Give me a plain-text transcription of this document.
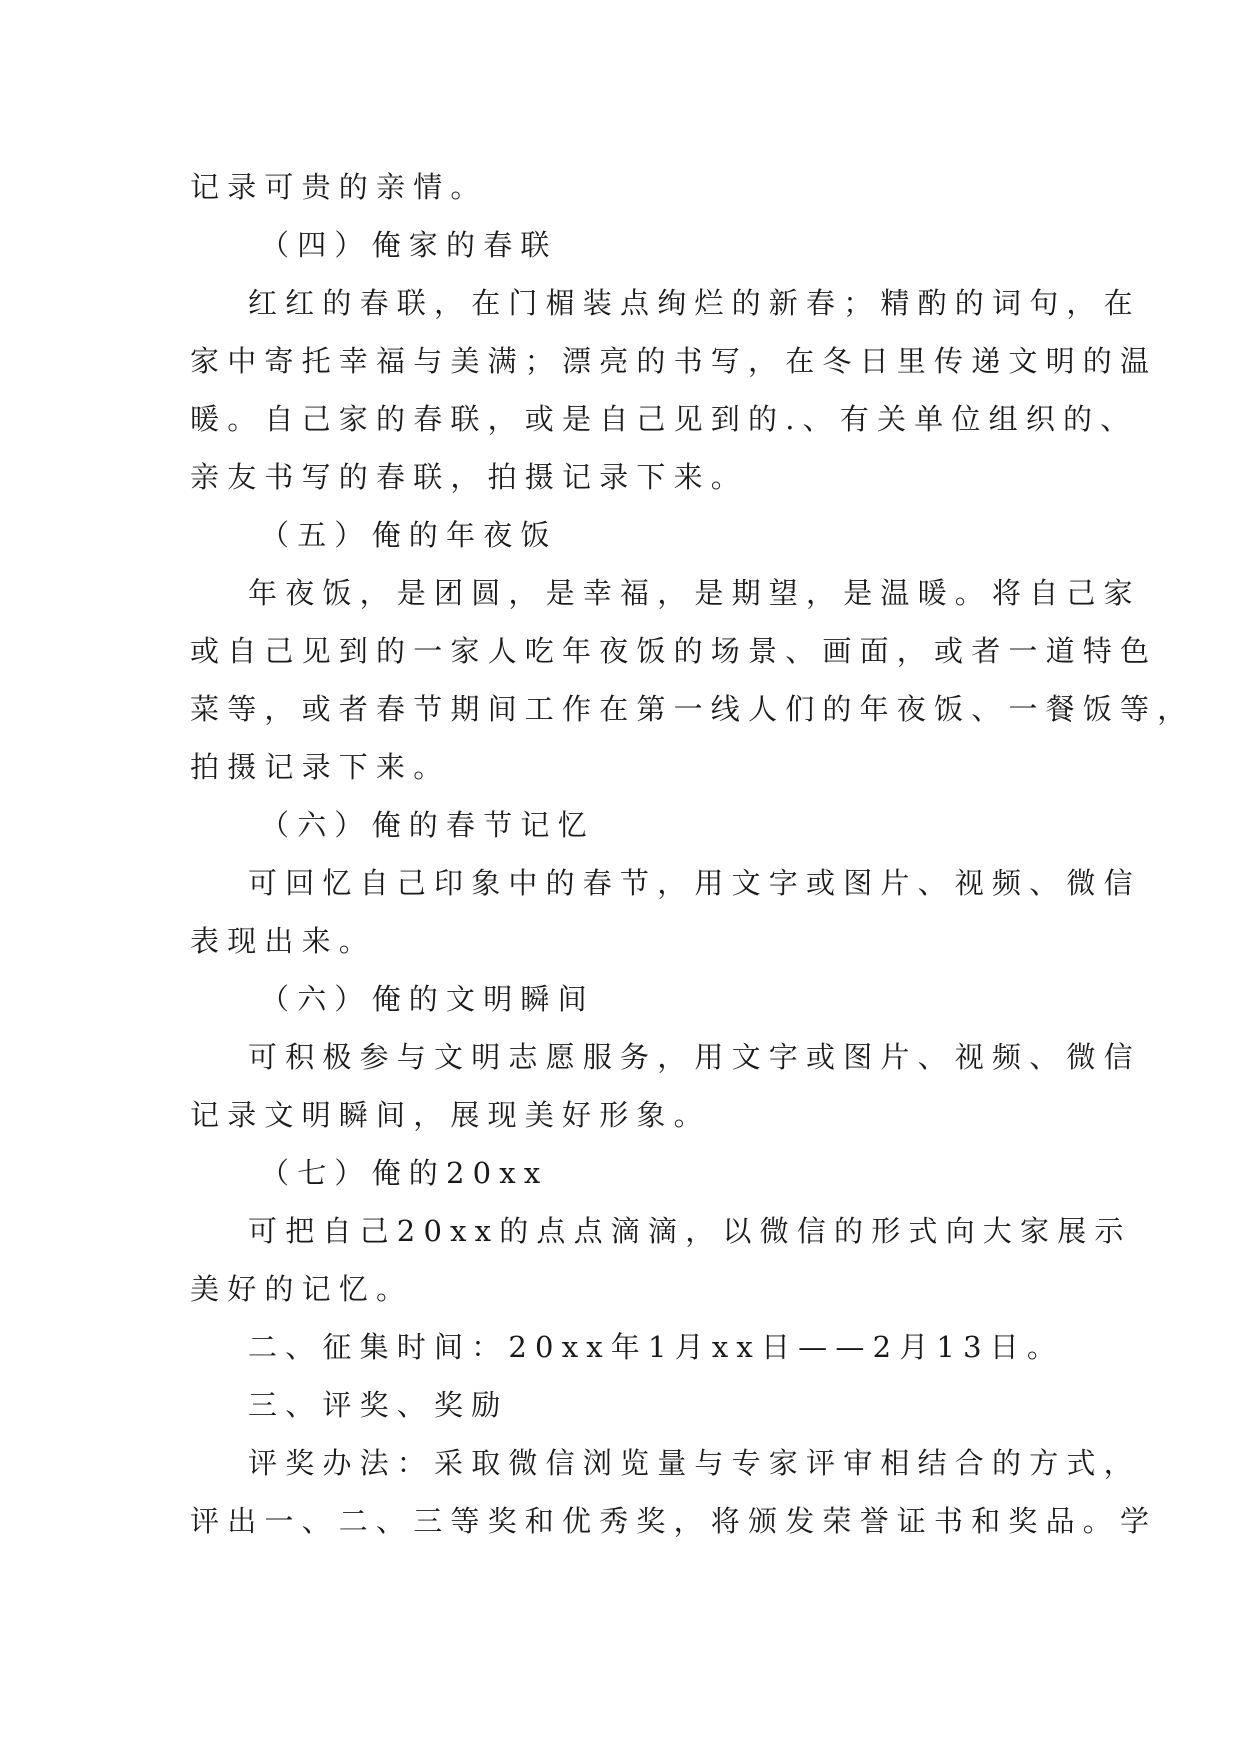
记录可贵的亲情。
（四）俺家的春联
红红的春联，在门楣装点绚烂的新春；精酌的词句，在
家中寄托幸福与美满；漂亮的书写，在冬日里传递文明的温
暖。自己家的春联，或是自己见到的.、有关单位组织的、
亲友书写的春联，拍摄记录下来。
（五）俺的年夜饭
年夜饭，是团圆，是幸福，是期望，是温暖。将自己家
或自己见到的一家人吃年夜饭的场景、画面，或者一道特色
菜等，或者春节期间工作在第一线人们的年夜饭、一餐饭等，
拍摄记录下来。
（六）俺的春节记忆
可回忆自己印象中的春节，用文字或图片、视频、微信
表现出来。
（六）俺的文明瞬间
可积极参与文明志愿服务，用文字或图片、视频、微信
记录文明瞬间，展现美好形象。
（七）俺的20xx
可把自己20xx的点点滴滴，以微信的形式向大家展示
美好的记忆。
二、征集时间：20xx年1月xx日——2月13日。
三、评奖、奖励
评奖办法：采取微信浏览量与专家评审相结合的方式，
评出一、二、三等奖和优秀奖，将颁发荣誉证书和奖品。学
